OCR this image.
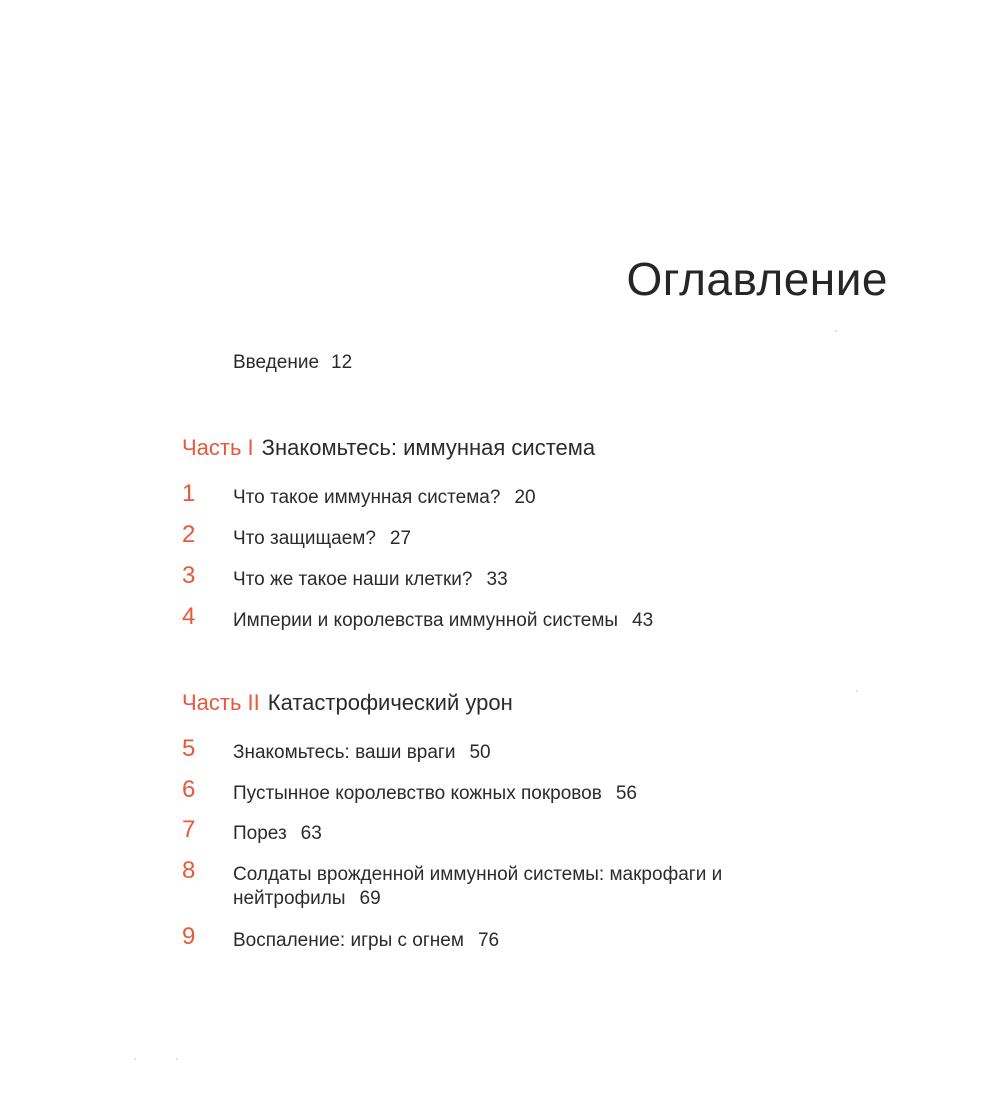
Оглавление
Введение 12
Часть I Знакомьтесь: иммунная система
1	Что такое иммунная система? 20
2	Что защищаем? 27
3	Что же такое наши клетки? 33
4	Империи и королевства иммунной системы 43
Часть II Катастрофический урон
5	Знакомьтесь: ваши враги 50
6	Пустынное королевство кожных покровов 56
7	Порез 63
8	Солдаты врожденной иммунной системы: макрофаги и нейтрофилы 69
9	Воспаление: игры с огнем 76
